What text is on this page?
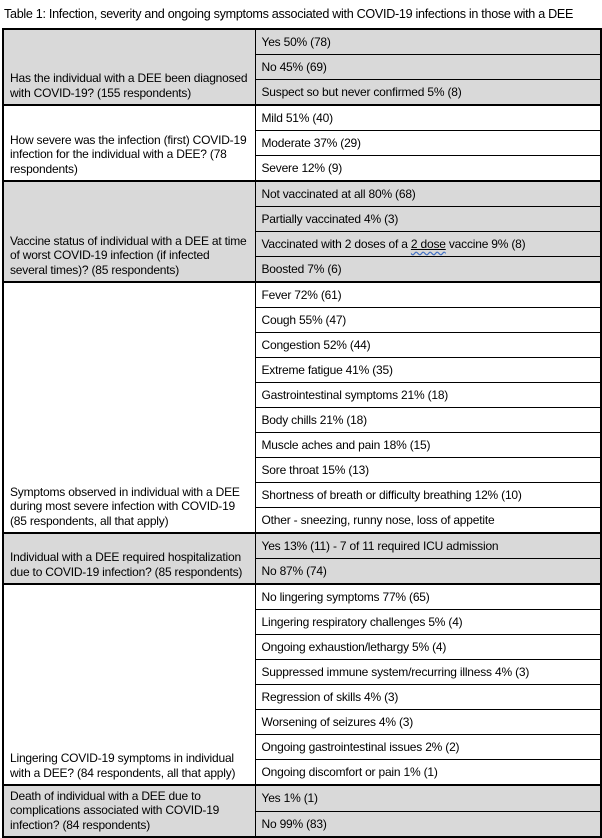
Table 1: Infection, severity and ongoing symptoms associated with COVID-19 infections in those with a DEE
Has the individual with a DEE been diagnosed with COVID-19? (155 respondents)	Yes 50% (78)
	No 45% (69)
	Suspect so but never confirmed 5% (8)
How severe was the infection (first) COVID-19 infection for the individual with a DEE? (78 respondents)	Mild 51% (40)
	Moderate 37% (29)
	Severe 12% (9)
Vaccine status of individual with a DEE at time of worst COVID-19 infection (if infected several times)? (85 respondents)	Not vaccinated at all 80% (68)
	Partially vaccinated 4% (3)
	Vaccinated with 2 doses of a 2 dose vaccine 9% (8)
	Boosted 7% (6)
Symptoms observed in individual with a DEE during most severe infection with COVID-19 (85 respondents, all that apply)	Fever 72% (61)
	Cough 55% (47)
	Congestion 52% (44)
	Extreme fatigue 41% (35)
	Gastrointestinal symptoms 21% (18)
	Body chills 21% (18)
	Muscle aches and pain 18% (15)
	Sore throat 15% (13)
	Shortness of breath or difficulty breathing 12% (10)
	Other - sneezing, runny nose, loss of appetite
Individual with a DEE required hospitalization due to COVID-19 infection? (85 respondents)	Yes 13% (11) - 7 of 11 required ICU admission
	No 87% (74)
Lingering COVID-19 symptoms in individual with a DEE? (84 respondents, all that apply)	No lingering symptoms 77% (65)
	Lingering respiratory challenges 5% (4)
	Ongoing exhaustion/lethargy 5% (4)
	Suppressed immune system/recurring illness 4% (3)
	Regression of skills 4% (3)
	Worsening of seizures 4% (3)
	Ongoing gastrointestinal issues 2% (2)
	Ongoing discomfort or pain 1% (1)
Death of individual with a DEE due to complications associated with COVID-19 infection? (84 respondents)	Yes 1% (1)
	No 99% (83)
